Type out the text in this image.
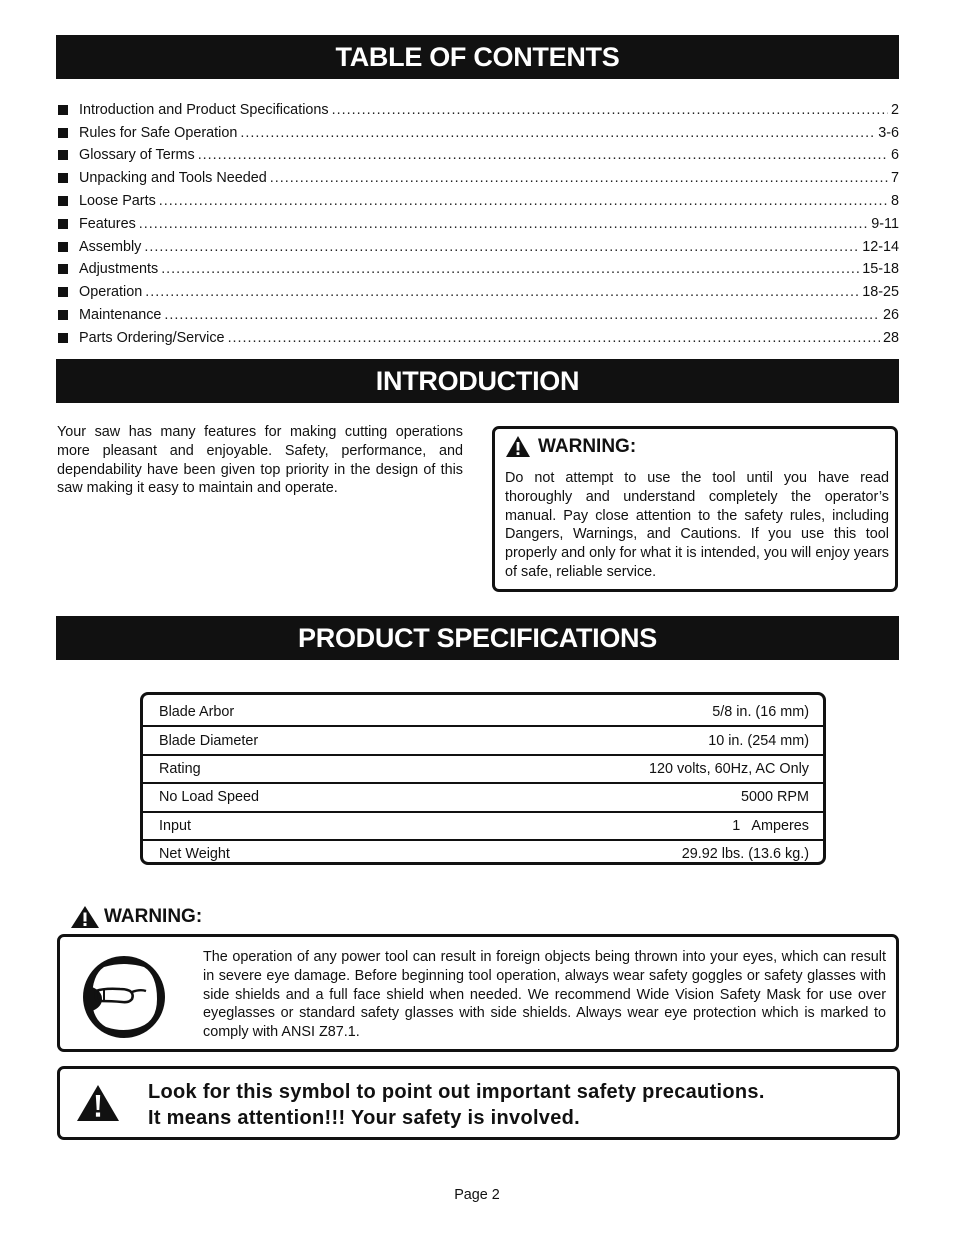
TABLE OF CONTENTS
Introduction and Product Specifications .....	2
Rules for Safe Operation .....	3-6
Glossary of Terms .....	6
Unpacking and Tools Needed .....	7
Loose Parts .....	8
Features .....	9-11
Assembly .....	12-14
Adjustments .....	15-18
Operation .....	18-25
Maintenance .....	26
Parts Ordering/Service .....	28
INTRODUCTION

Your saw has many features for making cutting operations more pleasant and enjoyable. Safety, performance, and dependability have been given top priority in the design of this saw making it easy to maintain and operate.

WARNING:

Do not attempt to use the tool until you have read thoroughly and understand completely the operator’s manual. Pay close attention to the safety rules, including Dangers, Warnings, and Cautions. If you use this tool properly and only for what it is intended, you will enjoy years of safe, reliable service.

PRODUCT SPECIFICATIONS
Blade Arbor	5/8 in. (16 mm)
Blade Diameter	10 in. (254 mm)
Rating	120 volts, 60Hz, AC Only
No Load Speed	5000 RPM
Input	1   Amperes
Net Weight	29.92 lbs. (13.6 kg.)
WARNING:

The operation of any power tool can result in foreign objects being thrown into your eyes, which can result in severe eye damage. Before beginning tool operation, always wear safety goggles or safety glasses with side shields and a full face shield when needed. We recommend Wide Vision Safety Mask for use over eyeglasses or standard safety glasses with side shields. Always wear eye protection which is marked to comply with ANSI Z87.1.

Look for this symbol to point out important safety precautions.
It means attention!!! Your safety is involved.
Page 2
